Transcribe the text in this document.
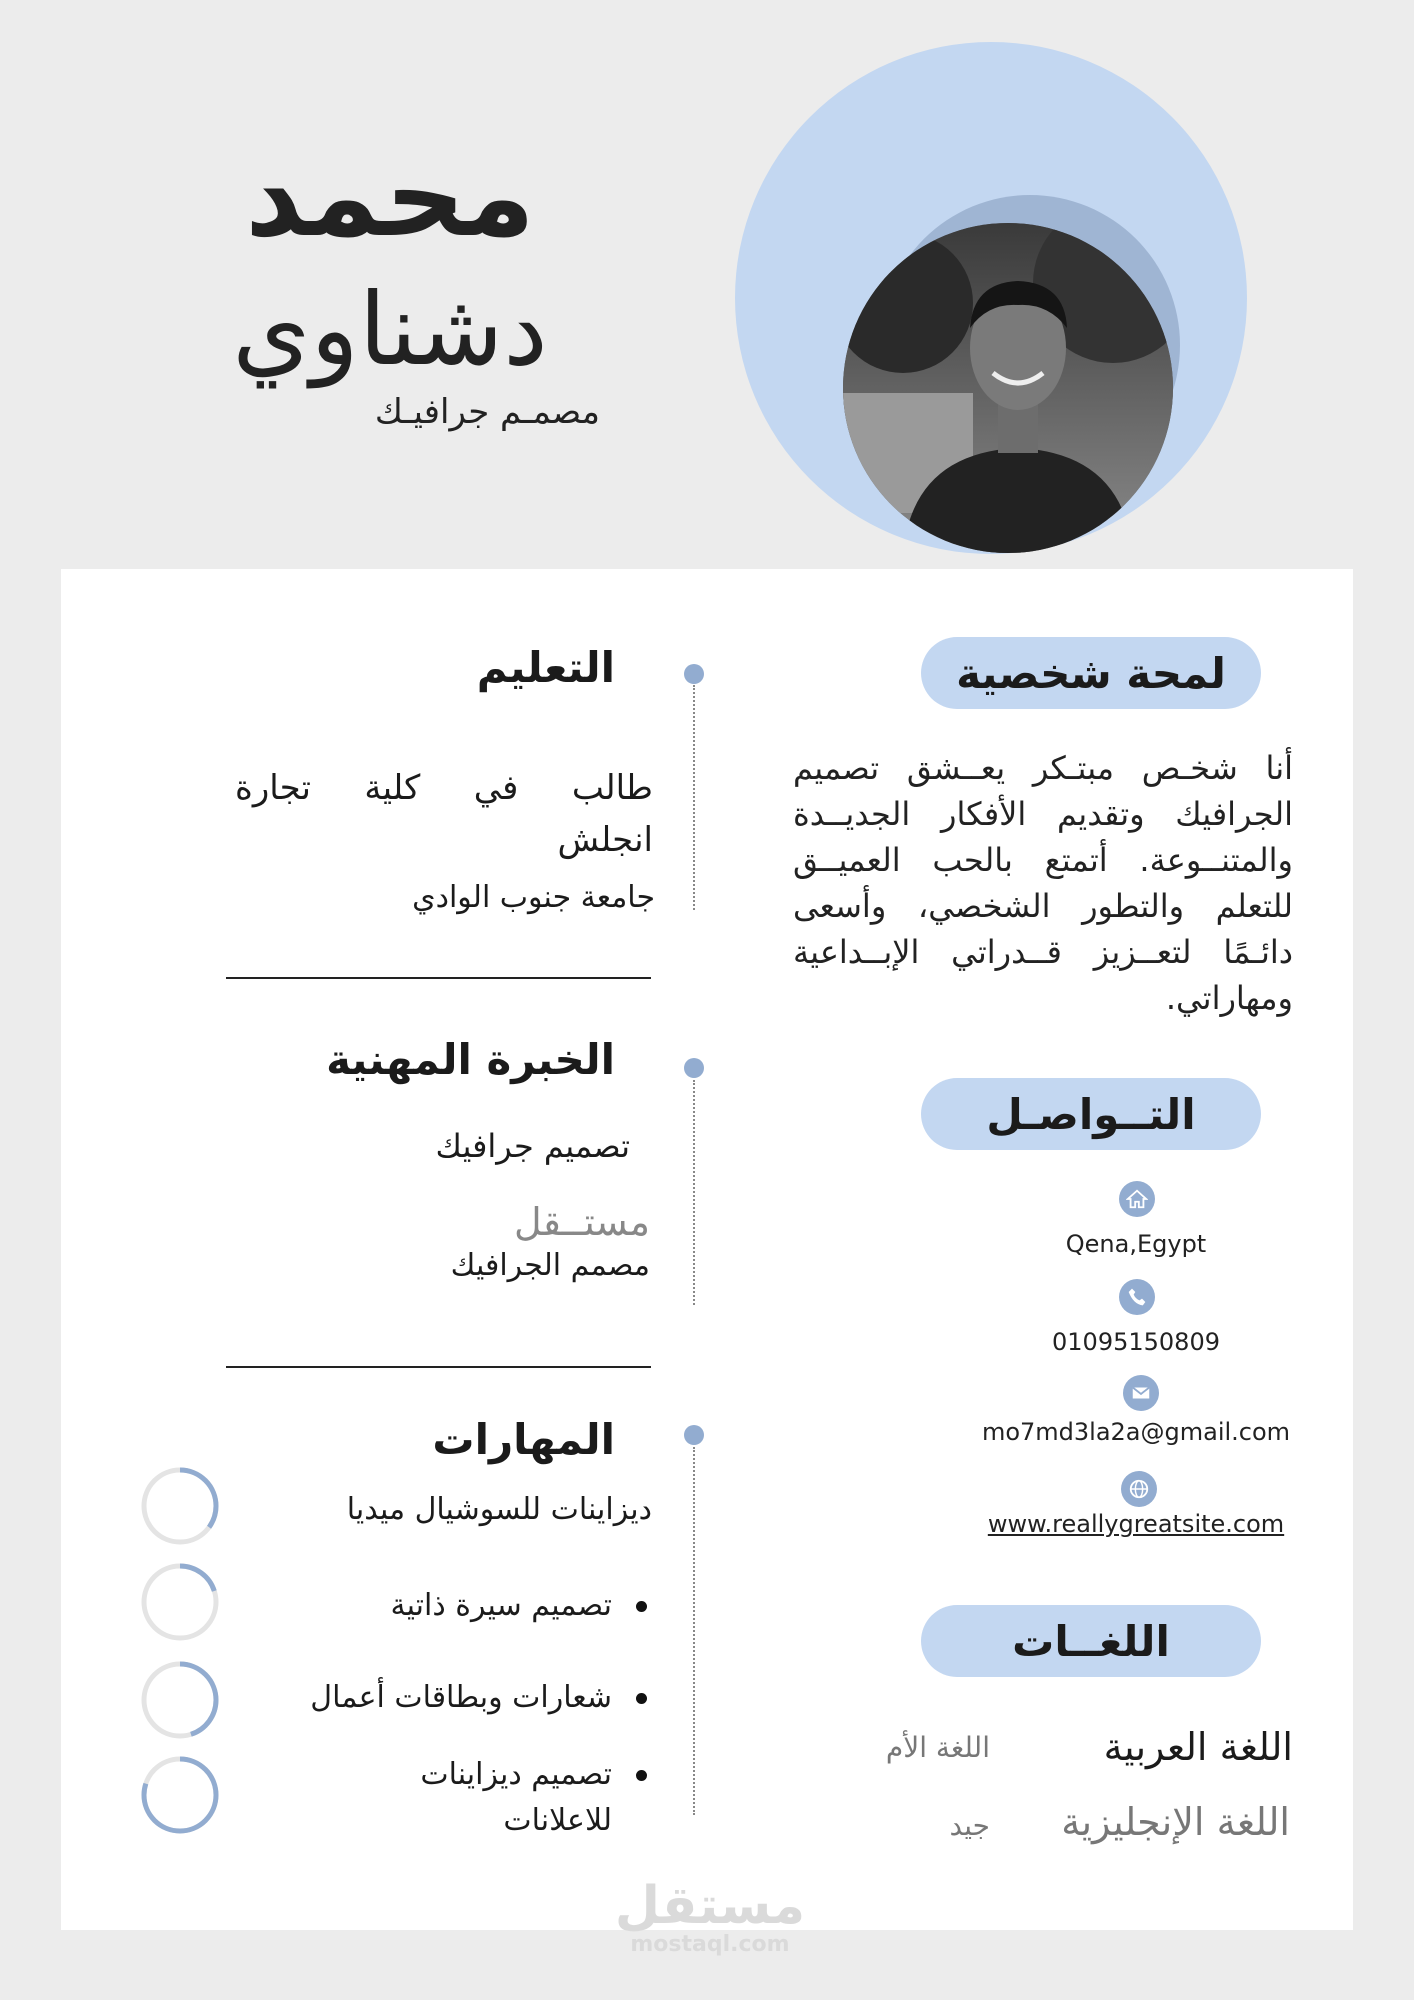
محمد
دشناوي
مصمـم جرافيـك
لمحة شخصية
أنا شخـص مبتـكر يعــشق تصميم الجرافيك وتقديم الأفكار الجديــدة والمتنــوعة. أتمتع بالحب العميــق للتعلم والتطور الشخصي، وأسعى دائـمًا لتعــزيز قــدراتي الإبــداعية ومهاراتي.
التــواصـل
Qena,Egypt
01095150809
mo7md3la2a@gmail.com
www.reallygreatsite.com
اللغــات
اللغة العربية
اللغة الأم
اللغة الإنجليزية
جيد
التعليم
طالب في كلية تجارة انجلش
جامعة جنوب الوادي
الخبرة المهنية
تصميم جرافيك
مستــقل
مصمم الجرافيك
المهارات
ديزاينات للسوشيال ميديا
تصميم سيرة ذاتية
شعارات وبطاقات أعمال
تصميم ديزاينات للاعلانات
مستقل
mostaql.com
